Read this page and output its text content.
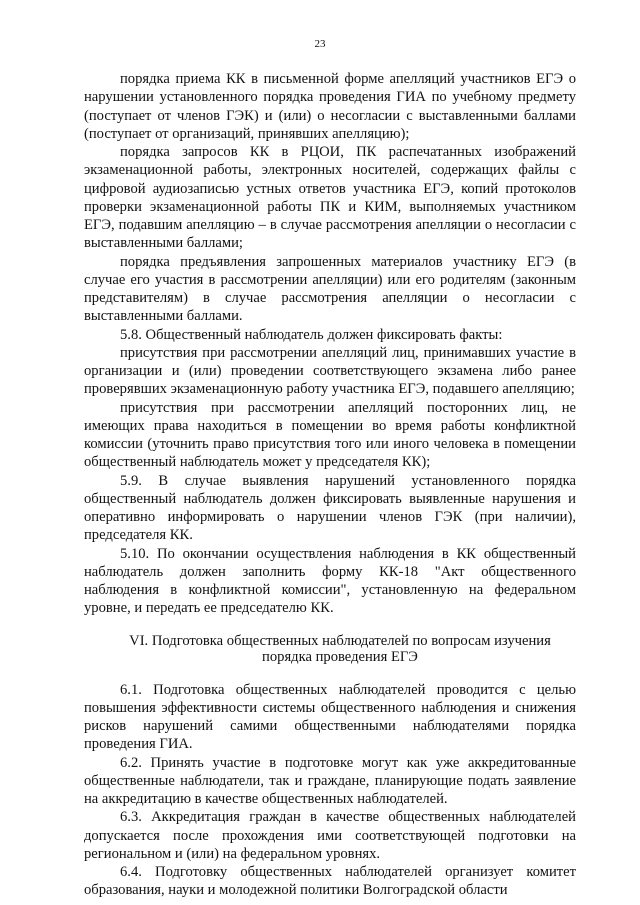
23

порядка приема КК в письменной форме апелляций участников ЕГЭ о нарушении установленного порядка проведения ГИА по учебному предмету (поступает от членов ГЭК) и (или) о несогласии с выставленными баллами (поступает от организаций, принявших апелляцию);

порядка запросов КК в РЦОИ, ПК распечатанных изображений экзаменационной работы, электронных носителей, содержащих файлы с цифровой аудиозаписью устных ответов участника ЕГЭ, копий протоколов проверки экзаменационной работы ПК и КИМ, выполняемых участником ЕГЭ, подавшим апелляцию – в случае рассмотрения апелляции о несогласии с выставленными баллами;

порядка предъявления запрошенных материалов участнику ЕГЭ (в случае его участия в рассмотрении апелляции) или его родителям (законным представителям) в случае рассмотрения апелляции о несогласии с выставленными баллами.

5.8. Общественный наблюдатель должен фиксировать факты:

присутствия при рассмотрении апелляций лиц, принимавших участие в организации и (или) проведении соответствующего экзамена либо ранее проверявших экзаменационную работу участника ЕГЭ, подавшего апелляцию;

присутствия при рассмотрении апелляций посторонних лиц, не имеющих права находиться в помещении во время работы конфликтной комиссии (уточнить право присутствия того или иного человека в помещении общественный наблюдатель может у председателя КК);

5.9. В случае выявления нарушений установленного порядка общественный наблюдатель должен фиксировать выявленные нарушения и оперативно информировать о нарушении членов ГЭК (при наличии), председателя КК.

5.10. По окончании осуществления наблюдения в КК общественный наблюдатель должен заполнить форму КК-18 "Акт общественного наблюдения в конфликтной комиссии", установленную на федеральном уровне, и передать ее председателю КК.

VI. Подготовка общественных наблюдателей по вопросам изучения порядка проведения ЕГЭ

6.1. Подготовка общественных наблюдателей проводится с целью повышения эффективности системы общественного наблюдения и снижения рисков нарушений самими общественными наблюдателями порядка проведения ГИА.

6.2. Принять участие в подготовке могут как уже аккредитованные общественные наблюдатели, так и граждане, планирующие подать заявление на аккредитацию в качестве общественных наблюдателей.

6.3. Аккредитация граждан в качестве общественных наблюдателей допускается после прохождения ими соответствующей подготовки на региональном и (или) на федеральном уровнях.

6.4. Подготовку общественных наблюдателей организует комитет образования, науки и молодежной политики Волгоградской области
